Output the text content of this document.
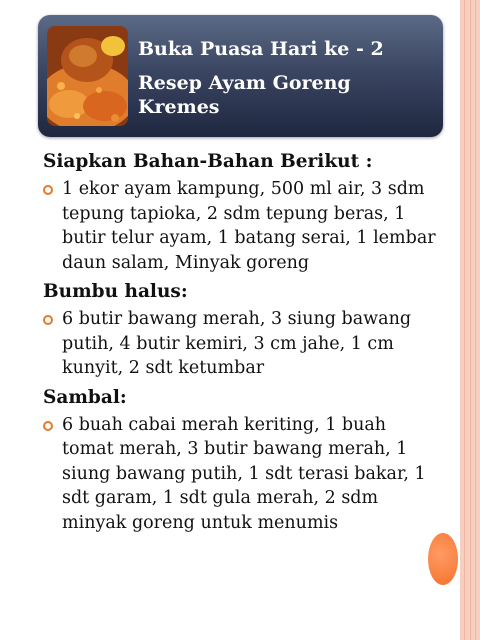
Buka Puasa Hari ke - 2
Resep Ayam Goreng Kremes
Siapkan Bahan-Bahan Berikut :
1 ekor ayam kampung, 500 ml air, 3 sdm tepung tapioka, 2 sdm tepung beras, 1 butir telur ayam, 1 batang serai, 1 lembar daun salam, Minyak goreng
Bumbu halus:
6 butir bawang merah, 3 siung bawang putih, 4 butir kemiri, 3 cm jahe, 1 cm kunyit, 2 sdt ketumbar
Sambal:
6 buah cabai merah keriting, 1 buah tomat merah, 3 butir bawang merah, 1 siung bawang putih, 1 sdt terasi bakar, 1 sdt garam, 1 sdt gula merah, 2 sdm minyak goreng untuk menumis
